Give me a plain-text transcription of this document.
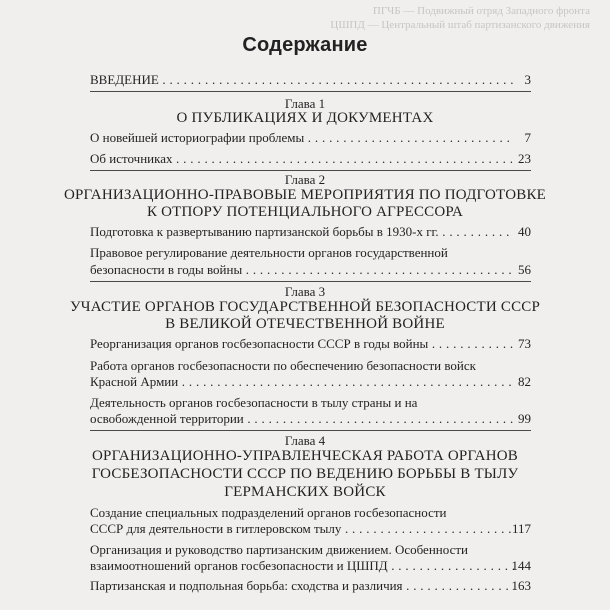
ПГЧБ — Подвижный отряд Западного фронта
ЦШПД — Центральный штаб партизанского движения
Содержание
ВВЕДЕНИЕ . . .	3
Глава 1
О ПУБЛИКАЦИЯХ И ДОКУМЕНТАХ
О новейшей историографии проблемы . . .	7
Об источниках . . .	23
Глава 2
ОРГАНИЗАЦИОННО-ПРАВОВЫЕ МЕРОПРИЯТИЯ ПО ПОДГОТОВКЕ
К ОТПОРУ ПОТЕНЦИАЛЬНОГО АГРЕССОРА
Подготовка к развертыванию партизанской борьбы в 1930-х гг. . . .	40
Правовое регулирование деятельности органов государственной
безопасности в годы войны . . .	56
Глава 3
УЧАСТИЕ ОРГАНОВ ГОСУДАРСТВЕННОЙ БЕЗОПАСНОСТИ СССР
В ВЕЛИКОЙ ОТЕЧЕСТВЕННОЙ ВОЙНЕ
Реорганизация органов госбезопасности СССР в годы войны . . .	73
Работа органов госбезопасности по обеспечению безопасности войск
Красной Армии . . .	82
Деятельность органов госбезопасности в тылу страны и на
освобожденной территории . . .	99
Глава 4
ОРГАНИЗАЦИОННО-УПРАВЛЕНЧЕСКАЯ РАБОТА ОРГАНОВ
ГОСБЕЗОПАСНОСТИ СССР ПО ВЕДЕНИЮ БОРЬБЫ В ТЫЛУ
ГЕРМАНСКИХ ВОЙСК
Создание специальных подразделений органов госбезопасности
СССР для деятельности в гитлеровском тылу . . .	117
Организация и руководство партизанским движением. Особенности
взаимоотношений органов госбезопасности и ЦШПД . . .	144
Партизанская и подпольная борьба: сходства и различия . . .	163
